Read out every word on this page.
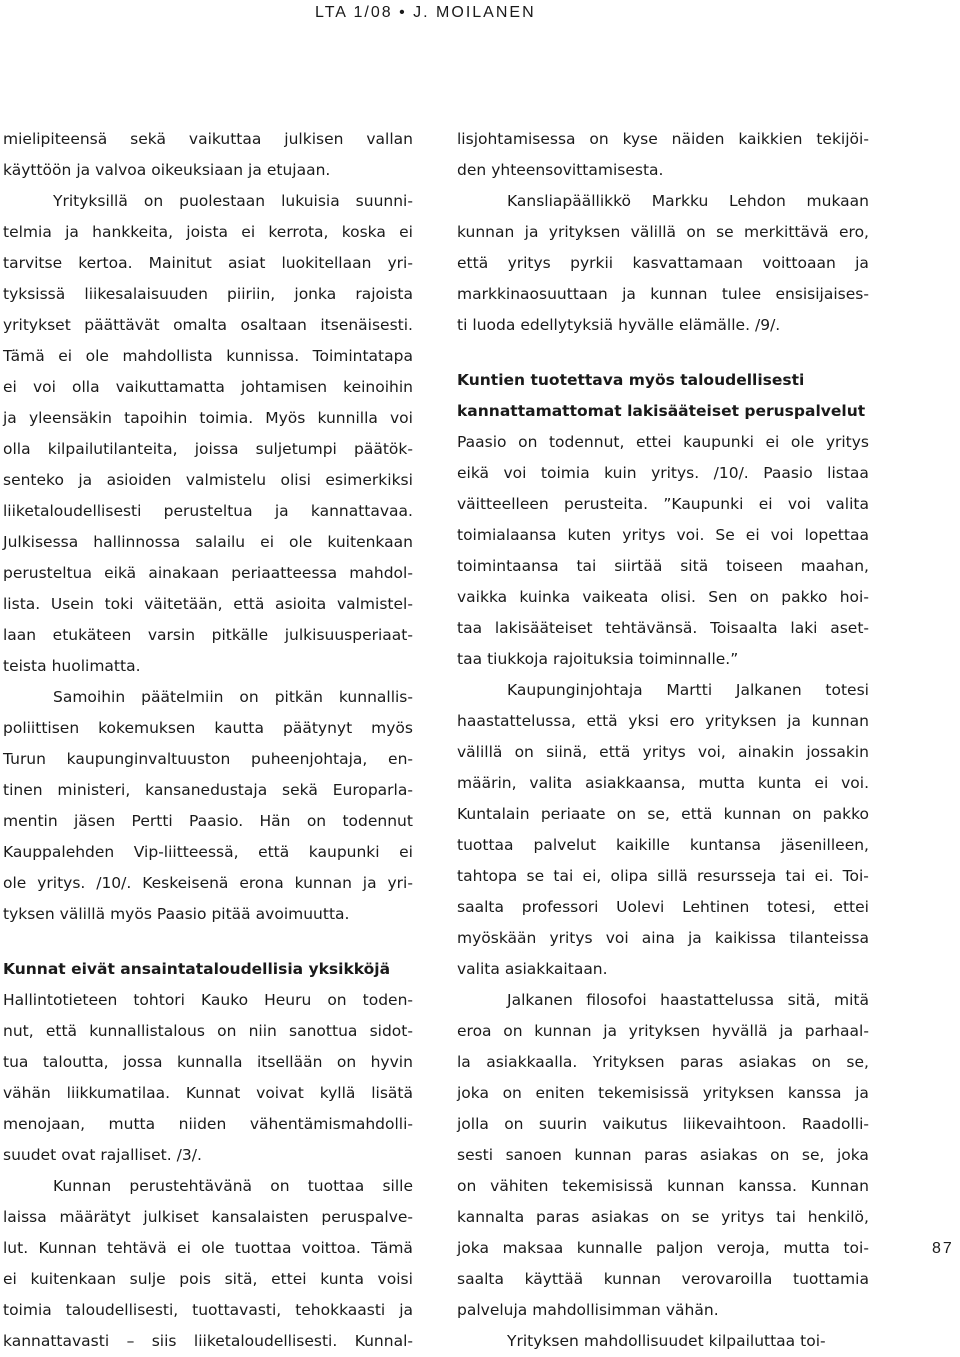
LTA 1/08 • J. MOILANEN
mielipiteensä sekä vaikuttaa julkisen vallan
käyttöön ja valvoa oikeuksiaan ja etujaan.
Yrityksillä on puolestaan lukuisia suunni-
telmia ja hankkeita, joista ei kerrota, koska ei
tarvitse kertoa. Mainitut asiat luokitellaan yri-
tyksissä liikesalaisuuden piiriin, jonka rajoista
yritykset päättävät omalta osaltaan itsenäisesti.
Tämä ei ole mahdollista kunnissa. Toimintatapa
ei voi olla vaikuttamatta johtamisen keinoihin
ja yleensäkin tapoihin toimia. Myös kunnilla voi
olla kilpailutilanteita, joissa suljetumpi päätök-
senteko ja asioiden valmistelu olisi esimerkiksi
liiketaloudellisesti perusteltua ja kannattavaa.
Julkisessa hallinnossa salailu ei ole kuitenkaan
perusteltua eikä ainakaan periaatteessa mahdol-
lista. Usein toki väitetään, että asioita valmistel-
laan etukäteen varsin pitkälle julkisuusperiaat-
teista huolimatta.
Samoihin päätelmiin on pitkän kunnallis-
poliittisen kokemuksen kautta päätynyt myös
Turun kaupunginvaltuuston puheenjohtaja, en-
tinen ministeri, kansanedustaja sekä Europarla-
mentin jäsen Pertti Paasio. Hän on todennut
Kauppalehden Vip-liitteessä, että kaupunki ei
ole yritys. /10/. Keskeisenä erona kunnan ja yri-
tyksen välillä myös Paasio pitää avoimuutta.
Kunnat eivät ansaintataloudellisia yksikköjä
Hallintotieteen tohtori Kauko Heuru on toden-
nut, että kunnallistalous on niin sanottua sidot-
tua taloutta, jossa kunnalla itsellään on hyvin
vähän liikkumatilaa. Kunnat voivat kyllä lisätä
menojaan, mutta niiden vähentämismahdolli-
suudet ovat rajalliset. /3/.
Kunnan perustehtävänä on tuottaa sille
laissa määrätyt julkiset kansalaisten peruspalve-
lut. Kunnan tehtävä ei ole tuottaa voittoa. Tämä
ei kuitenkaan sulje pois sitä, ettei kunta voisi
toimia taloudellisesti, tuottavasti, tehokkaasti ja
kannattavasti – siis liiketaloudellisesti. Kunnal-
lisjohtamisessa on kyse näiden kaikkien tekijöi-
den yhteensovittamisesta.
Kansliapäällikkö Markku Lehdon mukaan
kunnan ja yrityksen välillä on se merkittävä ero,
että yritys pyrkii kasvattamaan voittoaan ja
markkinaosuuttaan ja kunnan tulee ensisijaises-
ti luoda edellytyksiä hyvälle elämälle. /9/.
Kuntien tuotettava myös taloudellisesti
kannattamattomat lakisääteiset peruspalvelut
Paasio on todennut, ettei kaupunki ei ole yritys
eikä voi toimia kuin yritys. /10/. Paasio listaa
väitteelleen perusteita. ”Kaupunki ei voi valita
toimialaansa kuten yritys voi. Se ei voi lopettaa
toimintaansa tai siirtää sitä toiseen maahan,
vaikka kuinka vaikeata olisi. Sen on pakko hoi-
taa lakisääteiset tehtävänsä. Toisaalta laki aset-
taa tiukkoja rajoituksia toiminnalle.”
Kaupunginjohtaja Martti Jalkanen totesi
haastattelussa, että yksi ero yrityksen ja kunnan
välillä on siinä, että yritys voi, ainakin jossakin
määrin, valita asiakkaansa, mutta kunta ei voi.
Kuntalain periaate on se, että kunnan on pakko
tuottaa palvelut kaikille kuntansa jäsenilleen,
tahtopa se tai ei, olipa sillä resursseja tai ei. Toi-
saalta professori Uolevi Lehtinen totesi, ettei
myöskään yritys voi aina ja kaikissa tilanteissa
valita asiakkaitaan.
Jalkanen filosofoi haastattelussa sitä, mitä
eroa on kunnan ja yrityksen hyvällä ja parhaal-
la asiakkaalla. Yrityksen paras asiakas on se,
joka on eniten tekemisissä yrityksen kanssa ja
jolla on suurin vaikutus liikevaihtoon. Raadolli-
sesti sanoen kunnan paras asiakas on se, joka
on vähiten tekemisissä kunnan kanssa. Kunnan
kannalta paras asiakas on se yritys tai henkilö,
joka maksaa kunnalle paljon veroja, mutta toi-
saalta käyttää kunnan verovaroilla tuottamia
palveluja mahdollisimman vähän.
Yrityksen mahdollisuudet kilpailuttaa toi-
87
